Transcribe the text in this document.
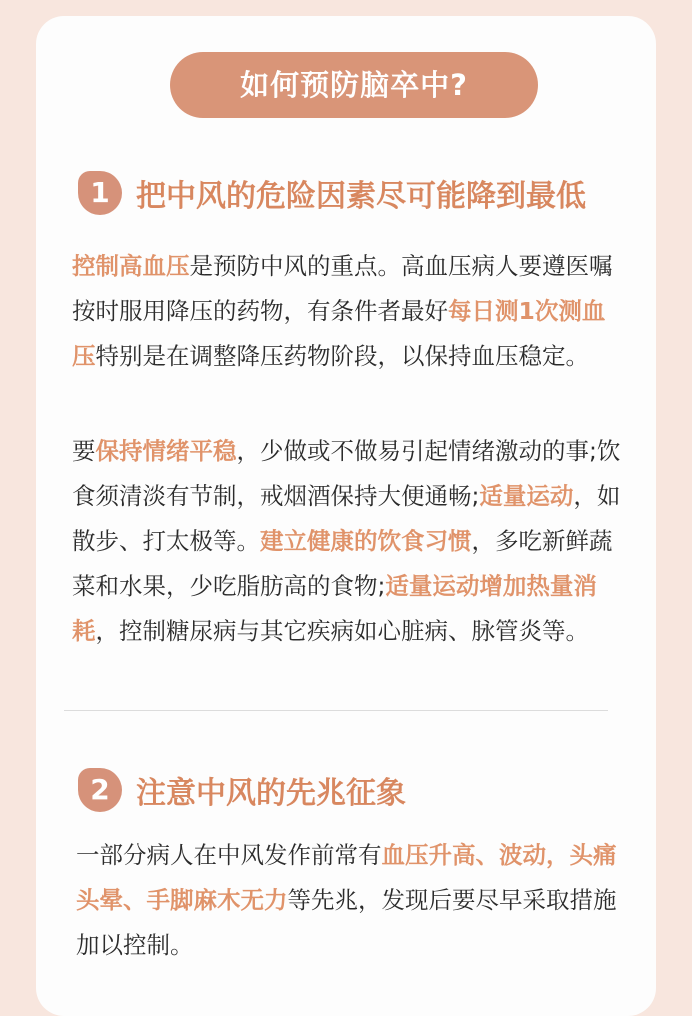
如何预防脑卒中?
1 把中风的危险因素尽可能降到最低

控制高血压是预防中风的重点。高血压病人要遵医嘱按时服用降压的药物，有条件者最好每日测1次测血压特别是在调整降压药物阶段，以保持血压稳定。

要保持情绪平稳，少做或不做易引起情绪激动的事;饮食须清淡有节制，戒烟酒保持大便通畅;适量运动，如散步、打太极等。建立健康的饮食习惯，多吃新鲜蔬菜和水果，少吃脂肪高的食物;适量运动增加热量消耗，控制糖尿病与其它疾病如心脏病、脉管炎等。

2 注意中风的先兆征象

一部分病人在中风发作前常有血压升高、波动，头痛头晕、手脚麻木无力等先兆，发现后要尽早采取措施加以控制。
